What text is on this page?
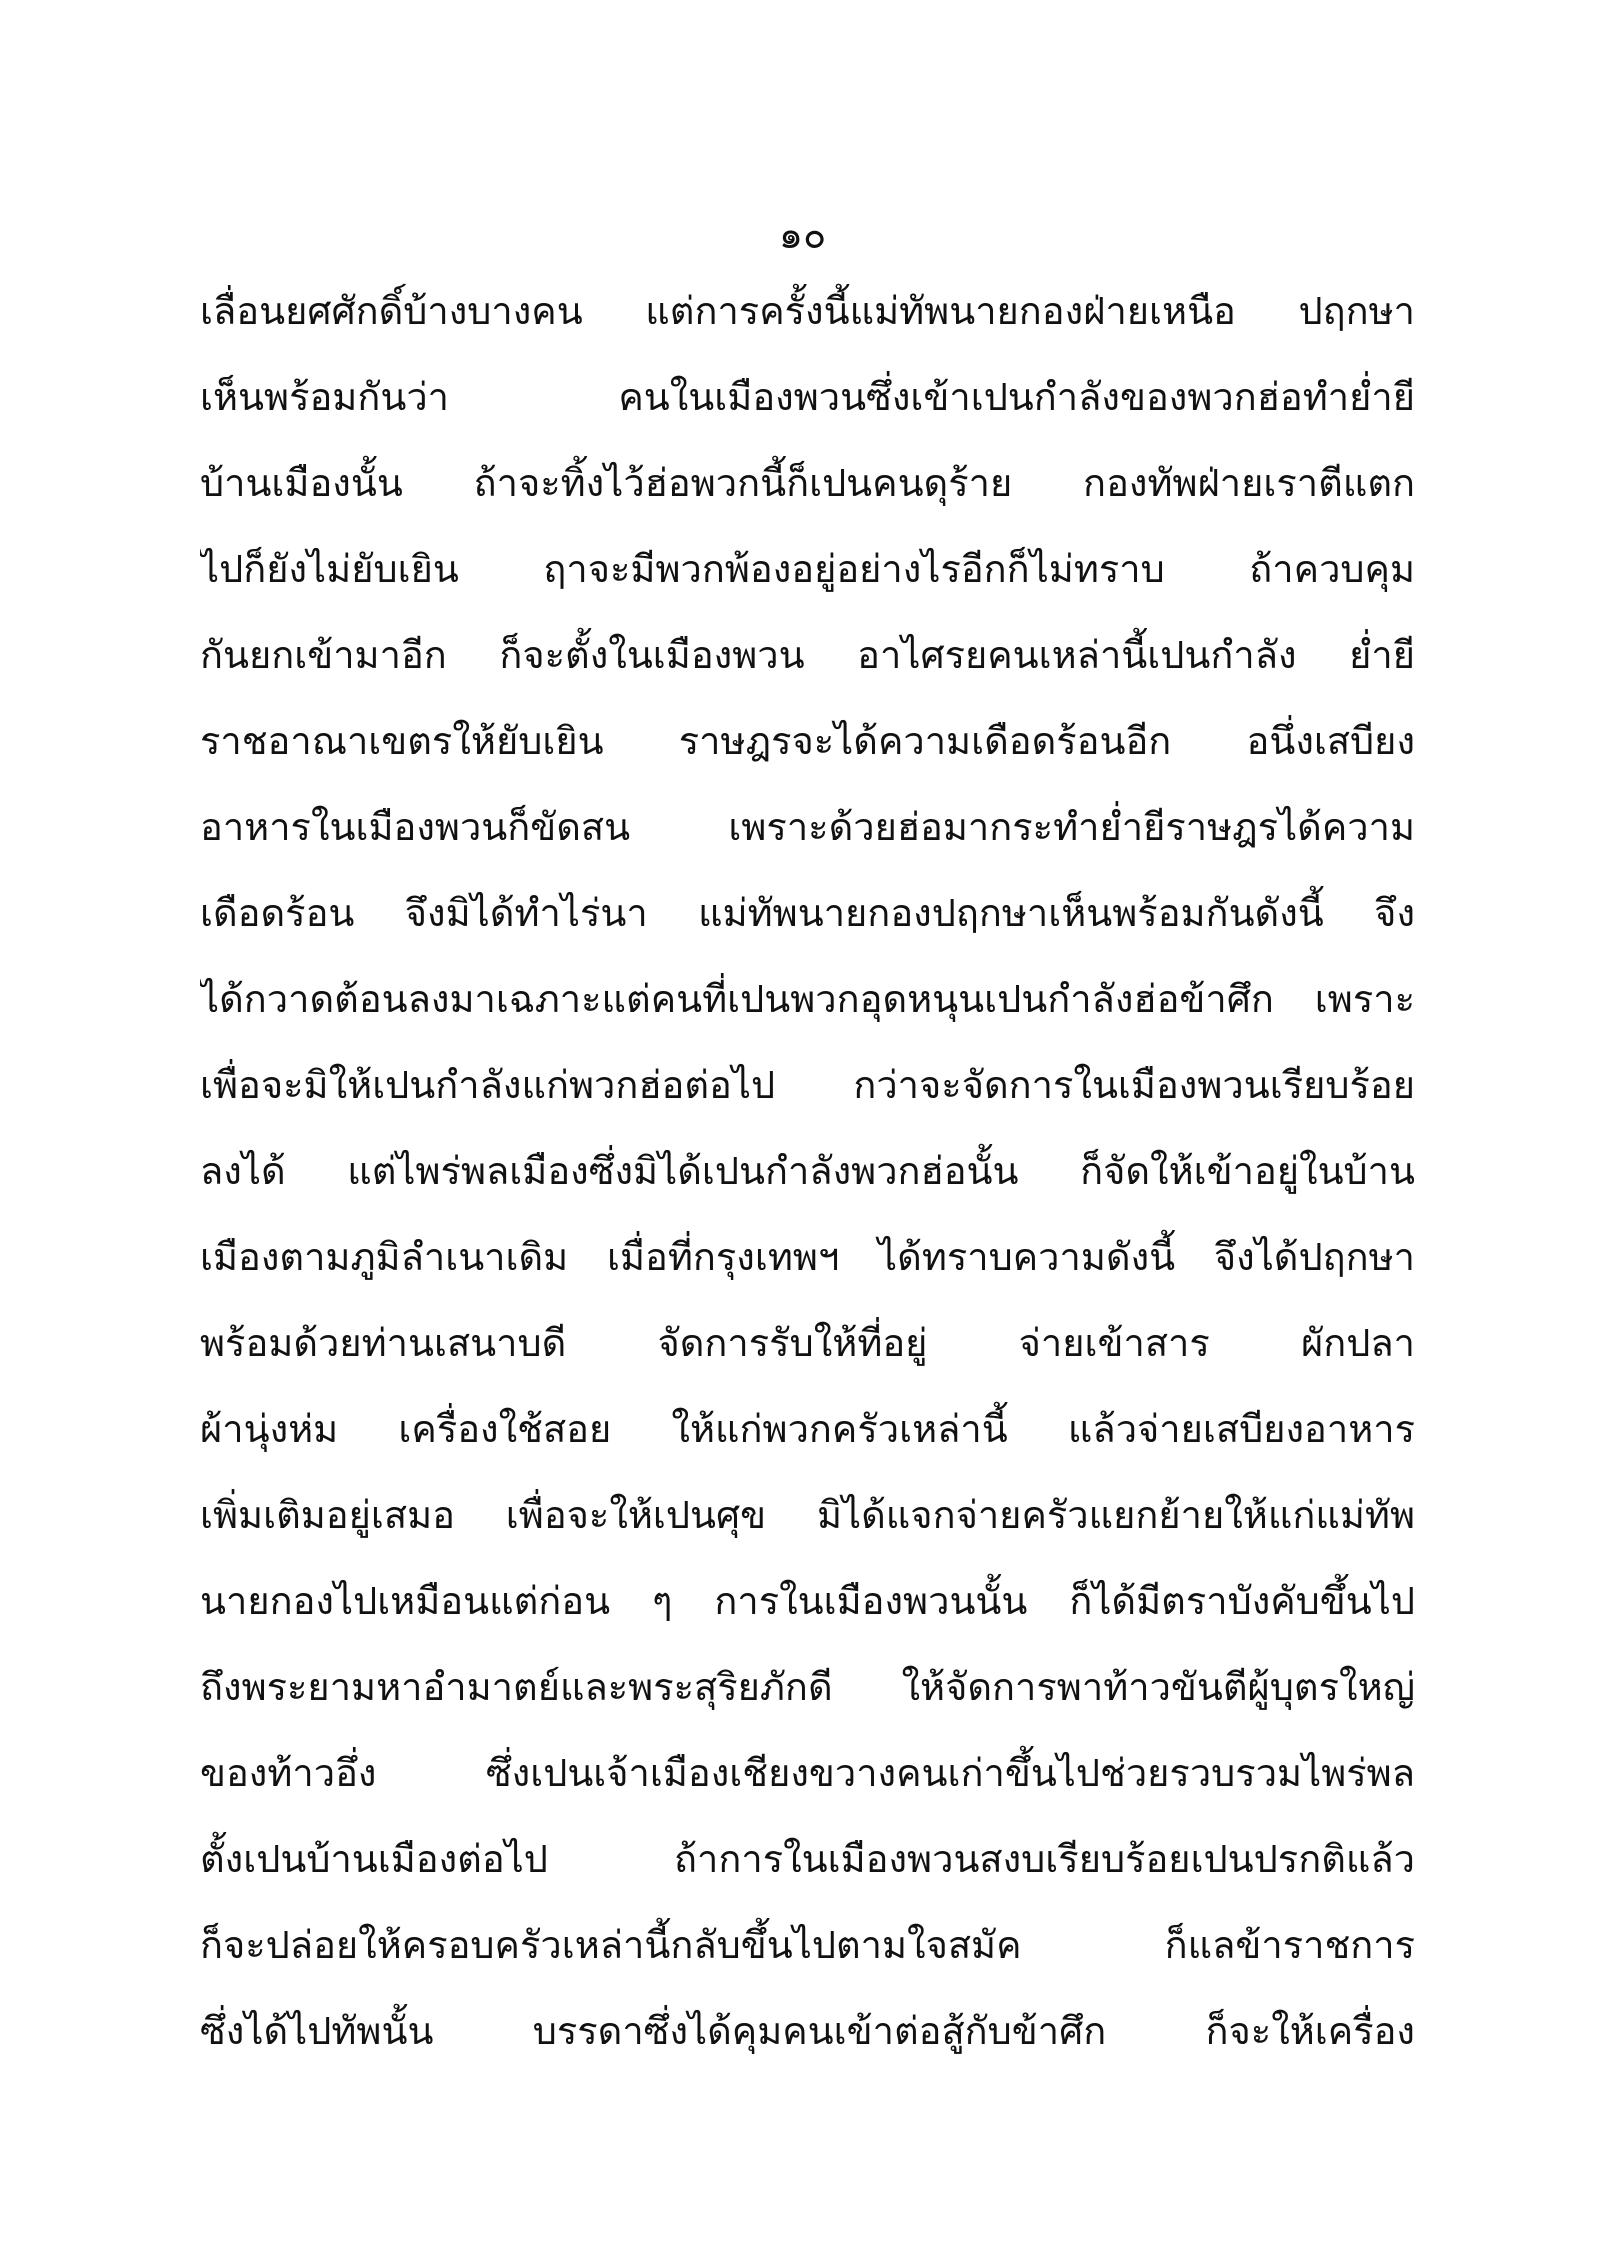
๑๐
เลื่อนยศศักดิ์บ้างบางคน แต่การครั้งนี้แม่ทัพนายกองฝ่ายเหนือ ปฤกษา
เห็นพร้อมกันว่า คนในเมืองพวนซึ่งเข้าเปนกำลังของพวกฮ่อทำย่ำยี
บ้านเมืองนั้น ถ้าจะทิ้งไว้ฮ่อพวกนี้ก็เปนคนดุร้าย กองทัพฝ่ายเราตีแตก
ไปก็ยังไม่ยับเยิน ฤาจะมีพวกพ้องอยู่อย่างไรอีกก็ไม่ทราบ ถ้าควบคุม
กันยกเข้ามาอีก ก็จะตั้งในเมืองพวน อาไศรยคนเหล่านี้เปนกำลัง ย่ำยี
ราชอาณาเขตรให้ยับเยิน ราษฎรจะได้ความเดือดร้อนอีก อนึ่งเสบียง
อาหารในเมืองพวนก็ขัดสน เพราะด้วยฮ่อมากระทำย่ำยีราษฎรได้ความ
เดือดร้อน จึงมิได้ทำไร่นา แม่ทัพนายกองปฤกษาเห็นพร้อมกันดังนี้ จึง
ได้กวาดต้อนลงมาเฉภาะแต่คนที่เปนพวกอุดหนุนเปนกำลังฮ่อข้าศึก เพราะ
เพื่อจะมิให้เปนกำลังแก่พวกฮ่อต่อไป กว่าจะจัดการในเมืองพวนเรียบร้อย
ลงได้ แต่ไพร่พลเมืองซึ่งมิได้เปนกำลังพวกฮ่อนั้น ก็จัดให้เข้าอยู่ในบ้าน
เมืองตามภูมิลำเนาเดิม เมื่อที่กรุงเทพฯ ได้ทราบความดังนี้ จึงได้ปฤกษา
พร้อมด้วยท่านเสนาบดี จัดการรับให้ที่อยู่ จ่ายเข้าสาร ผักปลา
ผ้านุ่งห่ม เครื่องใช้สอย ให้แก่พวกครัวเหล่านี้ แล้วจ่ายเสบียงอาหาร
เพิ่มเติมอยู่เสมอ เพื่อจะให้เปนศุข มิได้แจกจ่ายครัวแยกย้ายให้แก่แม่ทัพ
นายกองไปเหมือนแต่ก่อน ๆ การในเมืองพวนนั้น ก็ได้มีตราบังคับขึ้นไป
ถึงพระยามหาอำมาตย์และพระสุริยภักดี ให้จัดการพาท้าวขันตีผู้บุตรใหญ่
ของท้าวอึ่ง ซึ่งเปนเจ้าเมืองเชียงขวางคนเก่าขึ้นไปช่วยรวบรวมไพร่พล
ตั้งเปนบ้านเมืองต่อไป ถ้าการในเมืองพวนสงบเรียบร้อยเปนปรกติแล้ว
ก็จะปล่อยให้ครอบครัวเหล่านี้กลับขึ้นไปตามใจสมัค ก็แลข้าราชการ
ซึ่งได้ไปทัพนั้น บรรดาซึ่งได้คุมคนเข้าต่อสู้กับข้าศึก ก็จะให้เครื่อง
